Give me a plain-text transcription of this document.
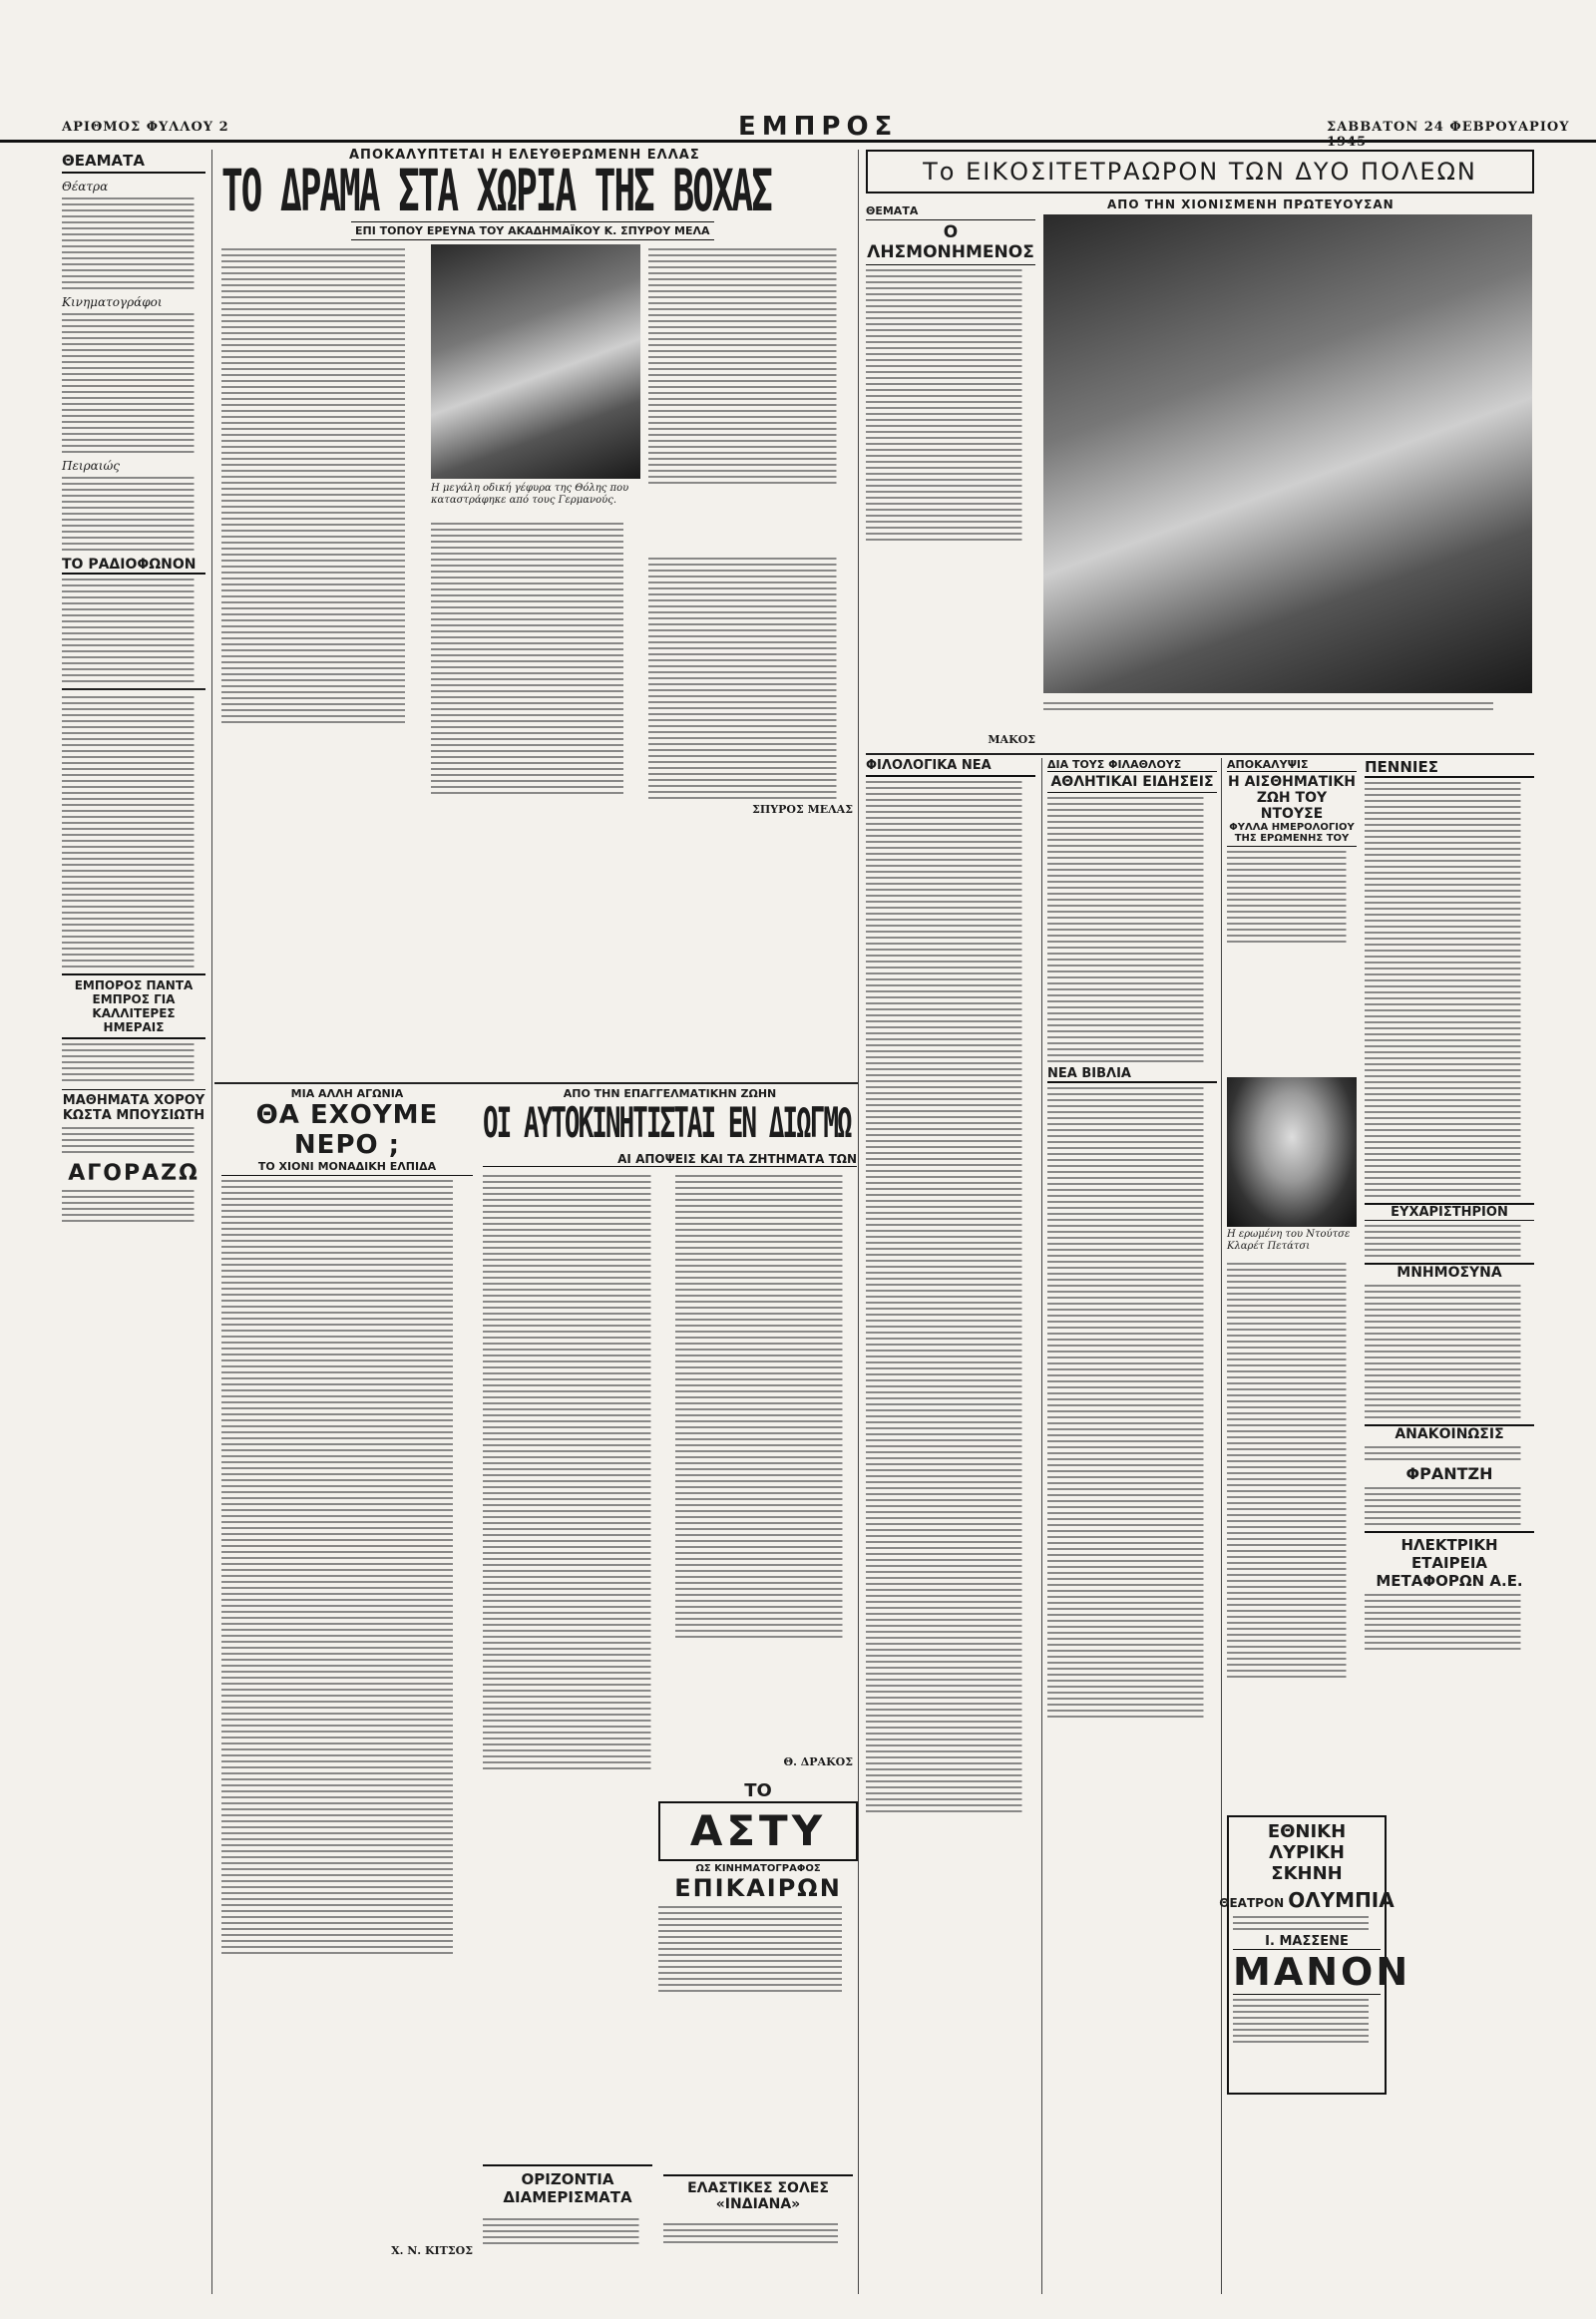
ΑΡΙΘΜΟΣ ΦΥΛΛΟΥ 2	ΕΜΠΡΟΣ	ΣΑΒΒΑΤΟΝ 24 ΦΕΒΡΟΥΑΡΙΟΥ 1945
ΘΕΑΜΑΤΑ
Θέατρα
Κινηματογράφοι
Πειραιώς
ΤΟ ΡΑΔΙΟΦΩΝΟΝ
ΕΜΠΟΡΟΣ ΠΑΝΤΑ ΕΜΠΡΟΣ ΓΙΑ ΚΑΛΛΙΤΕΡΕΣ ΗΜΕΡΑΙΣ
ΜΑΘΗΜΑΤΑ ΧΟΡΟΥ ΚΩΣΤΑ ΜΠΟΥΣΙΩΤΗ
ΑΓΟΡΑΖΩ
ΑΠΟΚΑΛΥΠΤΕΤΑΙ Η ΕΛΕΥΘΕΡΩΜΕΝΗ ΕΛΛΑΣ
ΤΟ ΔΡΑΜΑ ΣΤΑ ΧΩΡΙΑ ΤΗΣ ΒΟΧΑΣ
ΕΠΙ ΤΟΠΟΥ ΕΡΕΥΝΑ ΤΟΥ ΑΚΑΔΗΜΑΪΚΟΥ Κ. ΣΠΥΡΟΥ ΜΕΛΑ
Η μεγάλη οδική γέφυρα της Θόλης που καταστράφηκε από τους Γερμανούς.
ΣΠΥΡΟΣ ΜΕΛΑΣ
ΜΙΑ ΑΛΛΗ ΑΓΩΝΙΑ
ΘΑ ΕΧΟΥΜΕ ΝΕΡΟ ;
ΤΟ ΧΙΟΝΙ ΜΟΝΑΔΙΚΗ ΕΛΠΙΔΑ
Χ. Ν. ΚΙΤΣΟΣ
ΑΠΟ ΤΗΝ ΕΠΑΓΓΕΛΜΑΤΙΚΗΝ ΖΩΗΝ
ΟΙ ΑΥΤΟΚΙΝΗΤΙΣΤΑΙ ΕΝ ΔΙΩΓΜΩ
ΑΙ ΑΠΟΨΕΙΣ ΚΑΙ ΤΑ ΖΗΤΗΜΑΤΑ ΤΩΝ
Θ. ΔΡΑΚΟΣ
ΤΟ
ΑΣΤΥ
ΩΣ ΚΙΝΗΜΑΤΟΓΡΑΦΟΣ
ΕΠΙΚΑΙΡΩΝ
ΟΡΙΖΟΝΤΙΑ ΔΙΑΜΕΡΙΣΜΑΤΑ	ΕΛΑΣΤΙΚΕΣ ΣΟΛΕΣ «ΙΝΔΙΑΝΑ»
Το ΕΙΚΟΣΙΤΕΤΡΑΩΡΟΝ ΤΩΝ ΔΥΟ ΠΟΛΕΩΝ
ΑΠΟ ΤΗΝ ΧΙΟΝΙΣΜΕΝΗ ΠΡΩΤΕΥΟΥΣΑΝ
ΘΕΜΑΤΑ
Ο ΛΗΣΜΟΝΗΜΕΝΟΣ
ΜΑΚΟΣ
ΦΙΛΟΛΟΓΙΚΑ ΝΕΑ	ΔΙΑ ΤΟΥΣ ΦΙΛΑΘΛΟΥΣ
ΑΘΛΗΤΙΚΑΙ ΕΙΔΗΣΕΙΣ
ΝΕΑ ΒΙΒΛΙΑ
ΑΠΟΚΑΛΥΨΙΣ
Η ΑΙΣΘΗΜΑΤΙΚΗ ΖΩΗ ΤΟΥ ΝΤΟΥΣΕ
ΦΥΛΛΑ ΗΜΕΡΟΛΟΓΙΟΥ ΤΗΣ ΕΡΩΜΕΝΗΣ ΤΟΥ
Η ερωμένη του Ντούτσε Κλαρέτ Πετάτσι
ΕΘΝΙΚΗ ΛΥΡΙΚΗ ΣΚΗΝΗ
ΘΕΑΤΡΟΝ ΟΛΥΜΠΙΑ
Ι. ΜΑΣΣΕΝΕ
ΜΑΝΟΝ
ΠΕΝΝΙΕΣ
ΕΥΧΑΡΙΣΤΗΡΙΟΝ
ΜΝΗΜΟΣΥΝΑ
ΑΝΑΚΟΙΝΩΣΙΣ
ΦΡΑΝΤΖΗ
ΗΛΕΚΤΡΙΚΗ ΕΤΑΙΡΕΙΑ ΜΕΤΑΦΟΡΩΝ Α.Ε.
